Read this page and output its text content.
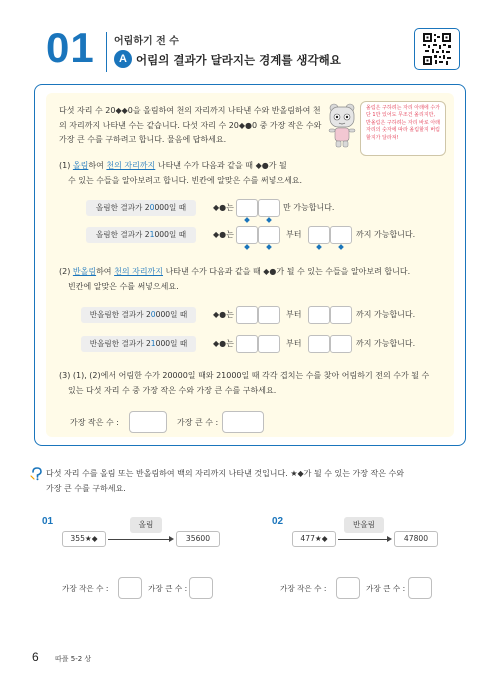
01 어림하기 전 수
A 어림의 결과가 달라지는 경계를 생각해요
다섯 자리 수 20◆◆0을 올림하여 천의 자리까지 나타낸 수와 반올림하여 천의 자리까지 나타낸 수는 같습니다. 다섯 자리 수 20◆●0 중 가장 작은 수와 가장 큰 수를 구하려고 합니다. 물음에 답하세요.
올림은 구하려는 자리 아래에 수가 단 1만 있어도 무조건 올리지만, 반올림은 구하려는 자리 바로 아래 자리의 숫자에 따라 올림할지 버림할지가 달라져!
(1) 올림하여 천의 자리까지 나타낸 수가 다음과 같을 때 ◆●가 될
수 있는 수들을 알아보려고 합니다. 빈칸에 알맞은 수를 써넣으세요.
올림한 결과가 20000일 때	◆●는	만 가능합니다.
올림한 결과가 21000일 때	◆●는	부터	까지 가능합니다.
(2) 반올림하여 천의 자리까지 나타낸 수가 다음과 같을 때 ◆●가 될 수 있는 수들을 알아보려 합니다.
빈칸에 알맞은 수를 써넣으세요.
반올림한 결과가 20000일 때	◆●는	부터	까지 가능합니다.
반올림한 결과가 21000일 때	◆●는	부터	까지 가능합니다.
(3) (1), (2)에서 어림한 수가 20000일 때와 21000일 때 각각 겹치는 수를 찾아 어림하기 전의 수가 될 수
있는 다섯 자리 수 중 가장 작은 수와 가장 큰 수를 구하세요.
가장 작은 수 :	가장 큰 수 :
다섯 자리 수를 올림 또는 반올림하여 백의 자리까지 나타낸 것입니다. ★◆가 될 수 있는 가장 작은 수와
가장 큰 수를 구하세요.
01	올림
355★◆	35600
가장 작은 수 :	가장 큰 수 :
02	반올림
477★◆	47800
가장 작은 수 :	가장 큰 수 :
6 따플 5-2 상
